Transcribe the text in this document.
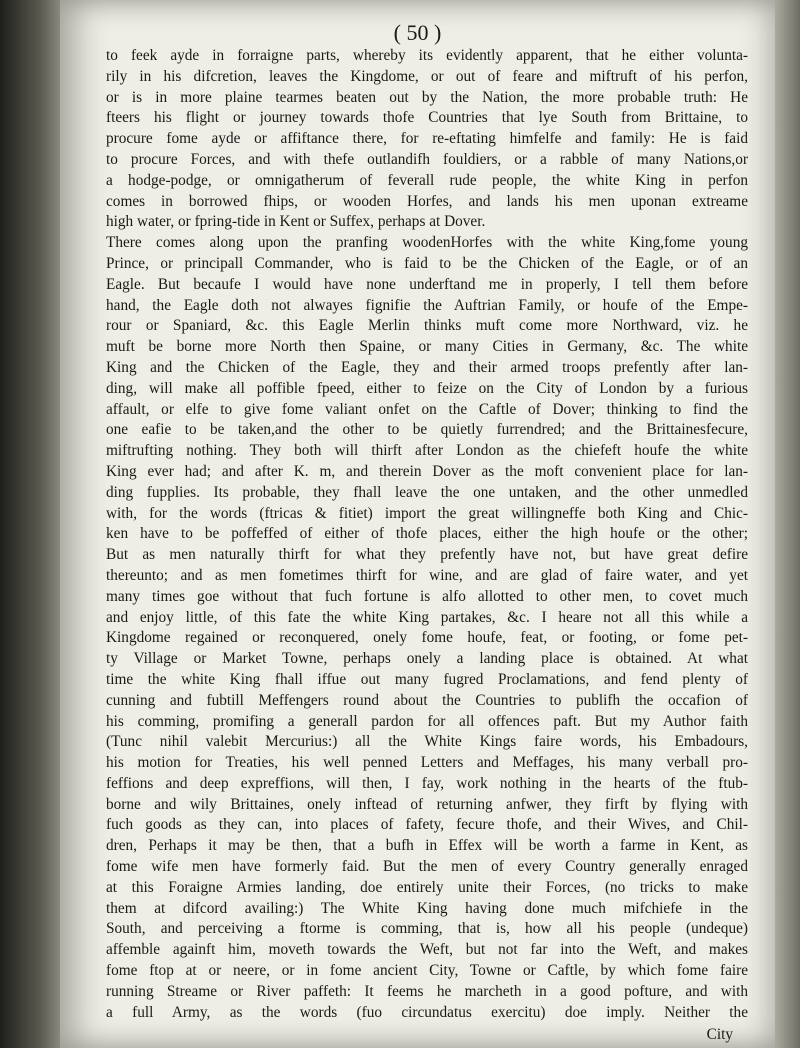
( 50 )
to feek ayde in forraigne parts, whereby its evidently apparent, that he either volunta-
rily in his difcretion, leaves the Kingdome, or out of feare and miftruft of his perfon,
or is in more plaine tearmes beaten out by the Nation, the more probable truth: He
fteers his flight or journey towards thofe Countries that lye South from Brittaine, to
procure fome ayde or affiftance there, for re-eftating himfelfe and family: He is faid
to procure Forces, and with thefe outlandifh fouldiers, or a rabble of many Nations,or
a hodge-podge, or omnigatherum of feverall rude people, the white King in perfon
comes in borrowed fhips, or wooden Horfes, and lands his men uponan extreame
high water, or fpring-tide in Kent or Suffex, perhaps at Dover.
There comes along upon the pranfing woodenHorfes with the white King,fome young
Prince, or principall Commander, who is faid to be the Chicken of the Eagle, or of an
Eagle. But becaufe I would have none underftand me in properly, I tell them before
hand, the Eagle doth not alwayes fignifie the Auftrian Family, or houfe of the Empe-
rour or Spaniard, &c. this Eagle Merlin thinks muft come more Northward, viz. he
muft be borne more North then Spaine, or many Cities in Germany, &c. The white
King and the Chicken of the Eagle, they and their armed troops prefently after lan-
ding, will make all poffible fpeed, either to feize on the City of London by a furious
affault, or elfe to give fome valiant onfet on the Caftle of Dover; thinking to find the
one eafie to be taken,and the other to be quietly furrendred; and the Brittainesfecure,
miftrufting nothing. They both will thirft after London as the chiefeft houfe the white
King ever had; and after K. m, and therein Dover as the moft convenient place for lan-
ding fupplies. Its probable, they fhall leave the one untaken, and the other unmedled
with, for the words (ftricas & fitiet) import the great willingneffe both King and Chic-
ken have to be poffeffed of either of thofe places, either the high houfe or the other;
But as men naturally thirft for what they prefently have not, but have great defire
thereunto; and as men fometimes thirft for wine, and are glad of faire water, and yet
many times goe without that fuch fortune is alfo allotted to other men, to covet much
and enjoy little, of this fate the white King partakes, &c. I heare not all this while a
Kingdome regained or reconquered, onely fome houfe, feat, or footing, or fome pet-
ty Village or Market Towne, perhaps onely a landing place is obtained. At what
time the white King fhall iffue out many fugred Proclamations, and fend plenty of
cunning and fubtill Meffengers round about the Countries to publifh the occafion of
his comming, promifing a generall pardon for all offences paft. But my Author faith
(Tunc nihil valebit Mercurius:) all the White Kings faire words, his Embadours,
his motion for Treaties, his well penned Letters and Meffages, his many verball pro-
feffions and deep expreffions, will then, I fay, work nothing in the hearts of the ftub-
borne and wily Brittaines, onely inftead of returning anfwer, they firft by flying with
fuch goods as they can, into places of fafety, fecure thofe, and their Wives, and Chil-
dren, Perhaps it may be then, that a bufh in Effex will be worth a farme in Kent, as
fome wife men have formerly faid. But the men of every Country generally enraged
at this Foraigne Armies landing, doe entirely unite their Forces, (no tricks to make
them at difcord availing:) The White King having done much mifchiefe in the
South, and perceiving a ftorme is comming, that is, how all his people (undeque)
affemble againft him, moveth towards the Weft, but not far into the Weft, and makes
fome ftop at or neere, or in fome ancient City, Towne or Caftle, by which fome faire
running Streame or River paffeth: It feems he marcheth in a good pofture, and with
a full Army, as the words (fuo circundatus exercitu) doe imply. Neither the
City
